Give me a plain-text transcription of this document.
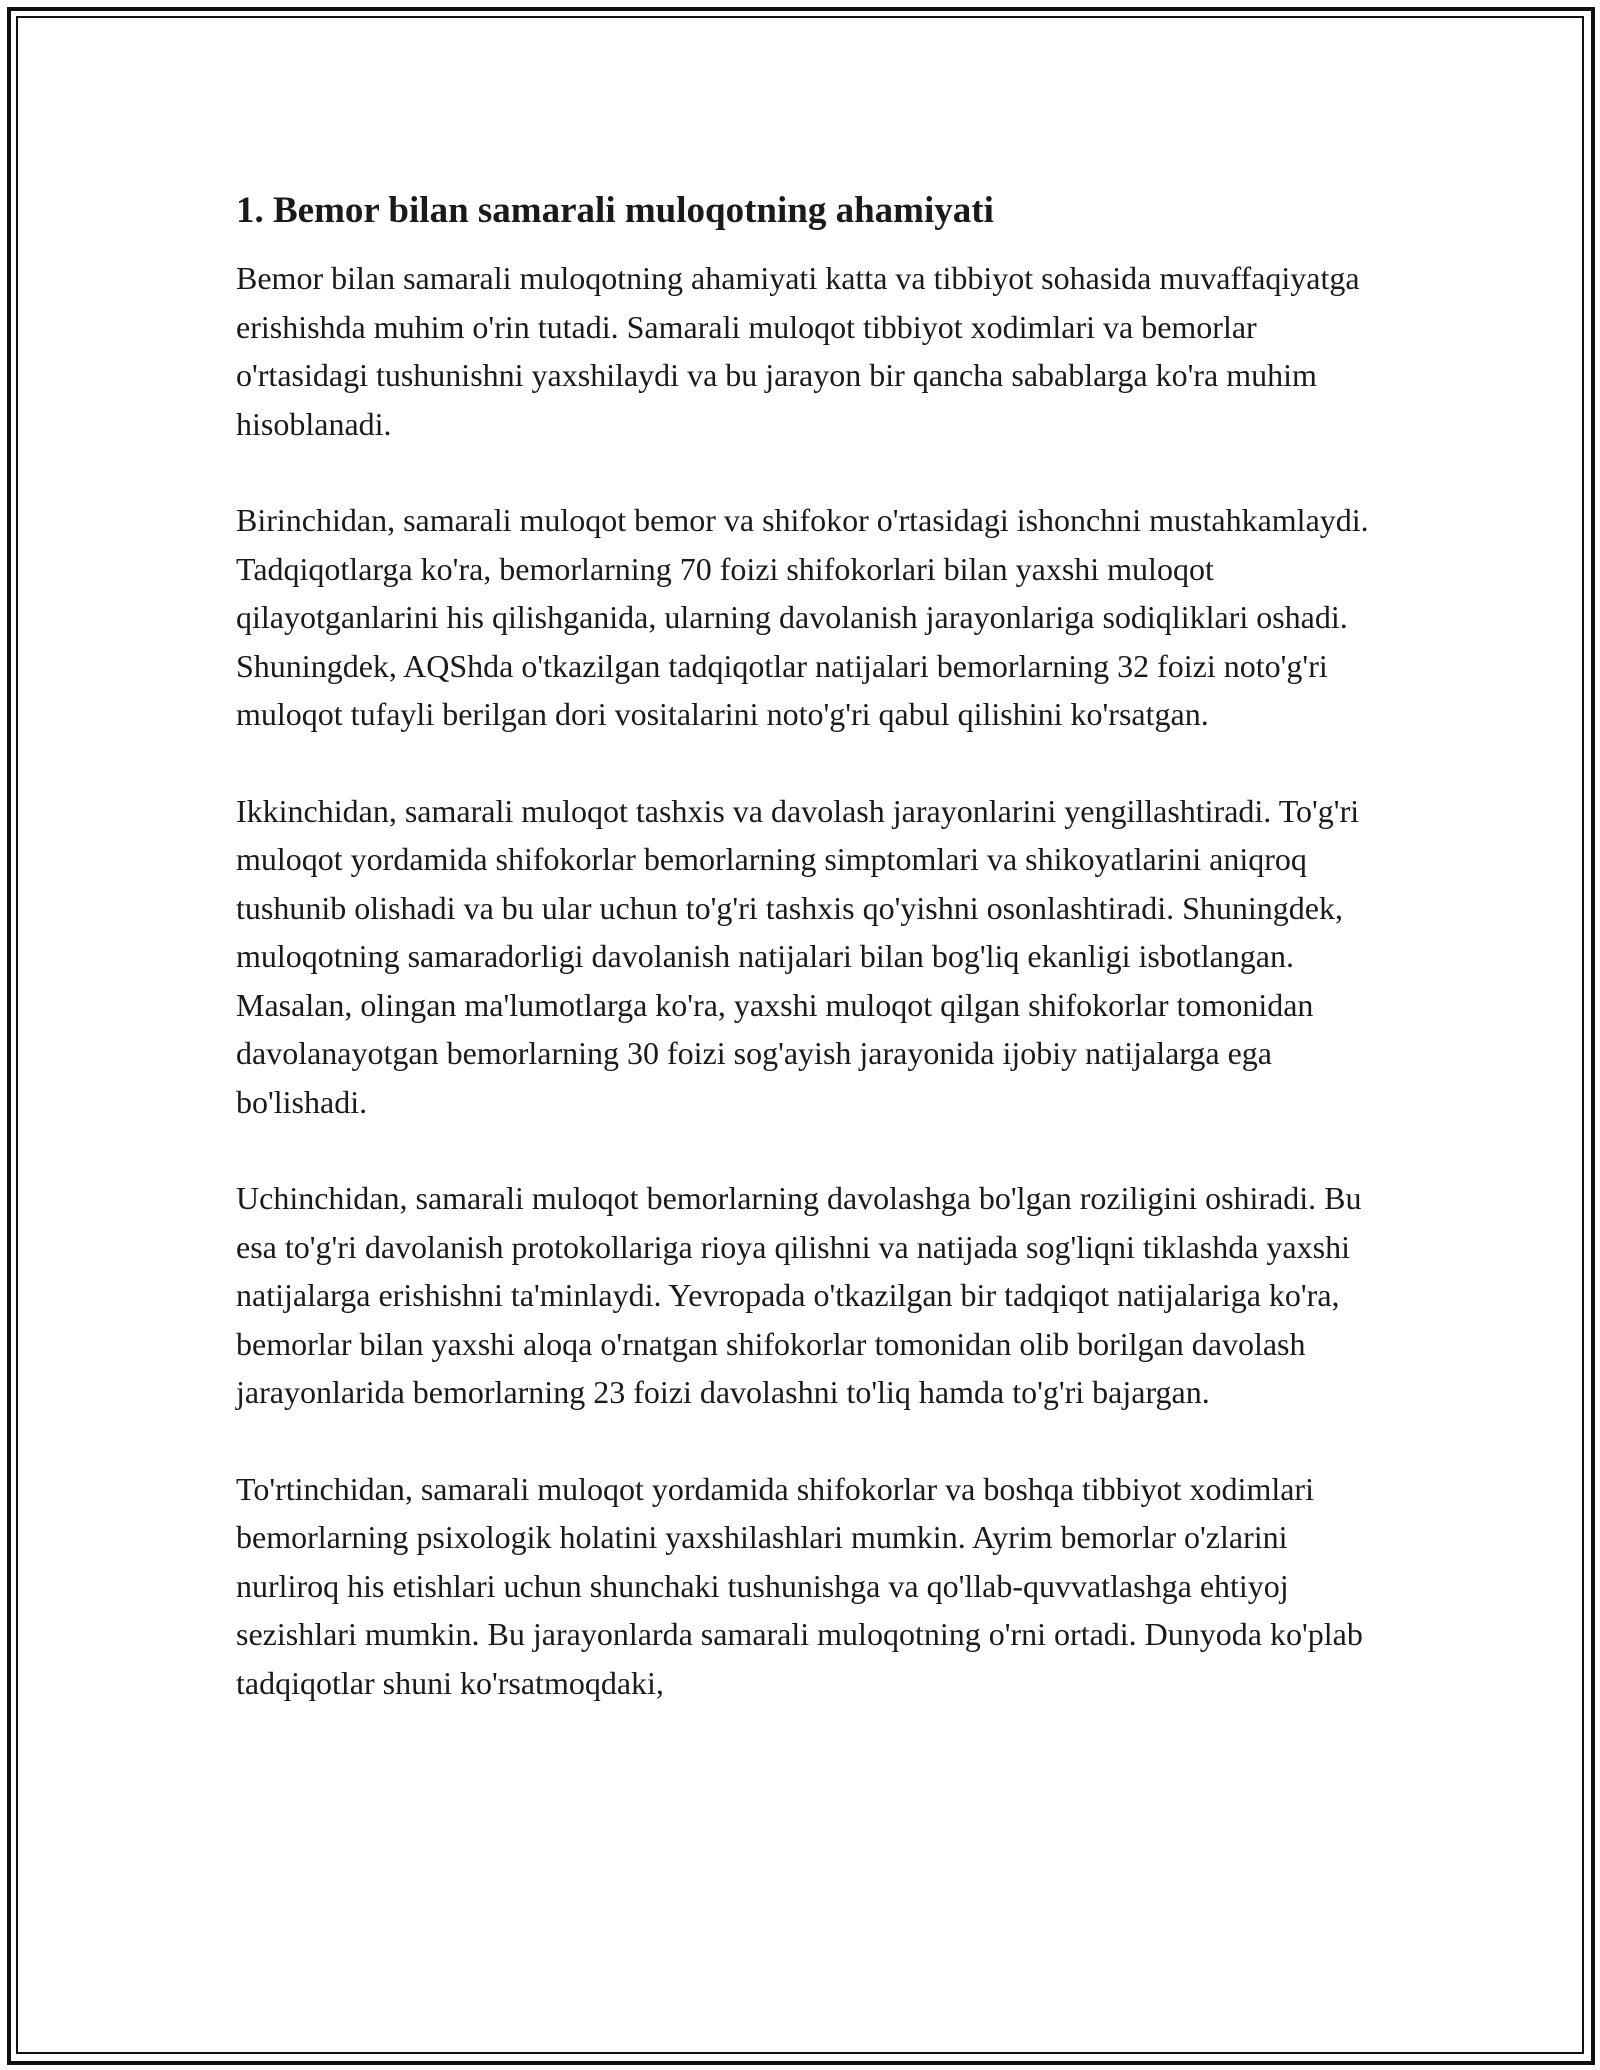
1. Bemor bilan samarali muloqotning ahamiyati

Bemor bilan samarali muloqotning ahamiyati katta va tibbiyot sohasida muvaffaqiyatga erishishda muhim o'rin tutadi. Samarali muloqot tibbiyot xodimlari va bemorlar o'rtasidagi tushunishni yaxshilaydi va bu jarayon bir qancha sabablarga ko'ra muhim hisoblanadi.

Birinchidan, samarali muloqot bemor va shifokor o'rtasidagi ishonchni mustahkamlaydi. Tadqiqotlarga ko'ra, bemorlarning 70 foizi shifokorlari bilan yaxshi muloqot qilayotganlarini his qilishganida, ularning davolanish jarayonlariga sodiqliklari oshadi. Shuningdek, AQShda o'tkazilgan tadqiqotlar natijalari bemorlarning 32 foizi noto'g'ri muloqot tufayli berilgan dori vositalarini noto'g'ri qabul qilishini ko'rsatgan.

Ikkinchidan, samarali muloqot tashxis va davolash jarayonlarini yengillashtiradi. To'g'ri muloqot yordamida shifokorlar bemorlarning simptomlari va shikoyatlarini aniqroq tushunib olishadi va bu ular uchun to'g'ri tashxis qo'yishni osonlashtiradi. Shuningdek, muloqotning samaradorligi davolanish natijalari bilan bog'liq ekanligi isbotlangan. Masalan, olingan ma'lumotlarga ko'ra, yaxshi muloqot qilgan shifokorlar tomonidan davolanayotgan bemorlarning 30 foizi sog'ayish jarayonida ijobiy natijalarga ega bo'lishadi.

Uchinchidan, samarali muloqot bemorlarning davolashga bo'lgan roziligini oshiradi. Bu esa to'g'ri davolanish protokollariga rioya qilishni va natijada sog'liqni tiklashda yaxshi natijalarga erishishni ta'minlaydi. Yevropada o'tkazilgan bir tadqiqot natijalariga ko'ra, bemorlar bilan yaxshi aloqa o'rnatgan shifokorlar tomonidan olib borilgan davolash jarayonlarida bemorlarning 23 foizi davolashni to'liq hamda to'g'ri bajargan.

To'rtinchidan, samarali muloqot yordamida shifokorlar va boshqa tibbiyot xodimlari bemorlarning psixologik holatini yaxshilashlari mumkin. Ayrim bemorlar o'zlarini nurliroq his etishlari uchun shunchaki tushunishga va qo'llab-quvvatlashga ehtiyoj sezishlari mumkin. Bu jarayonlarda samarali muloqotning o'rni ortadi. Dunyoda ko'plab tadqiqotlar shuni ko'rsatmoqdaki,
